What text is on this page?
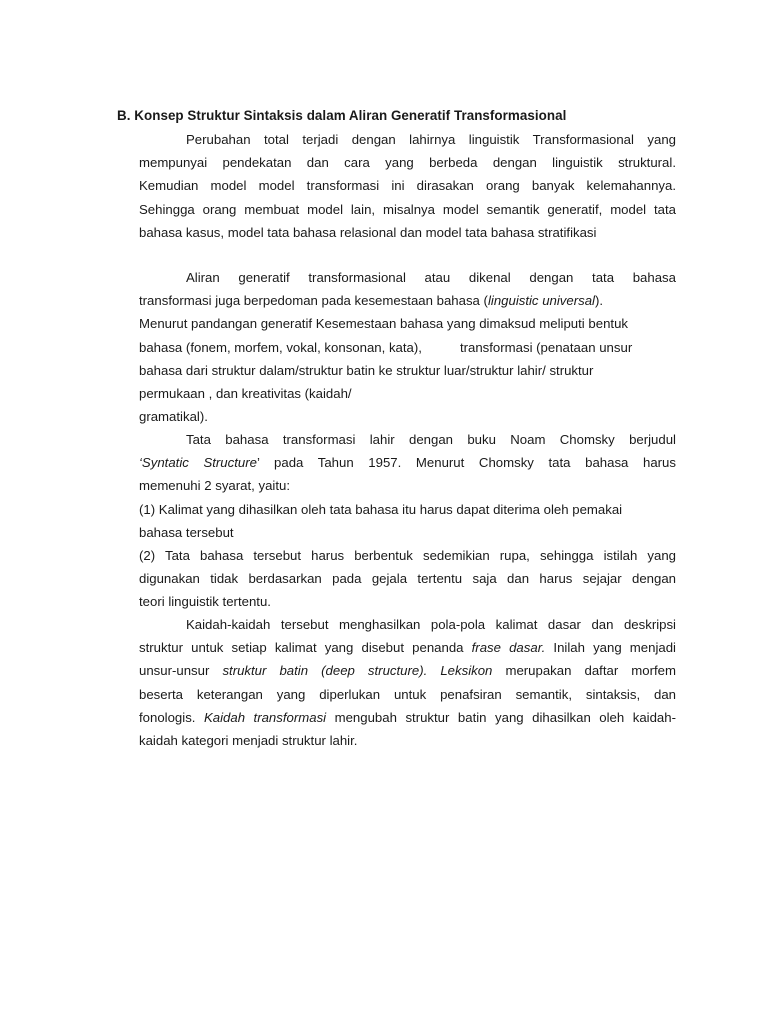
B. Konsep Struktur Sintaksis dalam Aliran Generatif Transformasional
Perubahan total terjadi dengan lahirnya linguistik Transformasional yang
mempunyai pendekatan dan cara yang berbeda dengan linguistik struktural.
Kemudian model model transformasi ini dirasakan orang banyak kelemahannya.
Sehingga orang membuat model lain, misalnya model semantik generatif, model tata
bahasa kasus, model tata bahasa relasional dan model tata bahasa stratifikasi
Aliran generatif transformasional atau dikenal dengan tata bahasa
transformasi juga berpedoman pada kesemestaan bahasa (linguistic universal).
Menurut pandangan generatif Kesemestaan bahasa yang dimaksud meliputi bentuk
bahasa (fonem, morfem, vokal, konsonan, kata),	transformasi (penataan unsur
bahasa dari struktur dalam/struktur batin ke struktur luar/struktur lahir/ struktur
permukaan , dan kreativitas (kaidah/
gramatikal).
Tata bahasa transformasi lahir dengan buku Noam Chomsky berjudul
‘Syntatic Structure’ pada Tahun 1957. Menurut Chomsky tata bahasa harus
memenuhi 2 syarat, yaitu:
(1) Kalimat yang dihasilkan oleh tata bahasa itu harus dapat diterima oleh pemakai
bahasa tersebut
(2) Tata bahasa tersebut harus berbentuk sedemikian rupa, sehingga istilah yang
digunakan tidak berdasarkan pada gejala tertentu saja dan harus sejajar dengan
teori linguistik tertentu.
Kaidah-kaidah tersebut menghasilkan pola-pola kalimat dasar dan deskripsi
struktur untuk setiap kalimat yang disebut penanda frase dasar. Inilah yang menjadi
unsur-unsur struktur batin (deep structure). Leksikon merupakan daftar morfem
beserta keterangan yang diperlukan untuk penafsiran semantik, sintaksis, dan
fonologis. Kaidah transformasi mengubah struktur batin yang dihasilkan oleh kaidah-
kaidah kategori menjadi struktur lahir.
